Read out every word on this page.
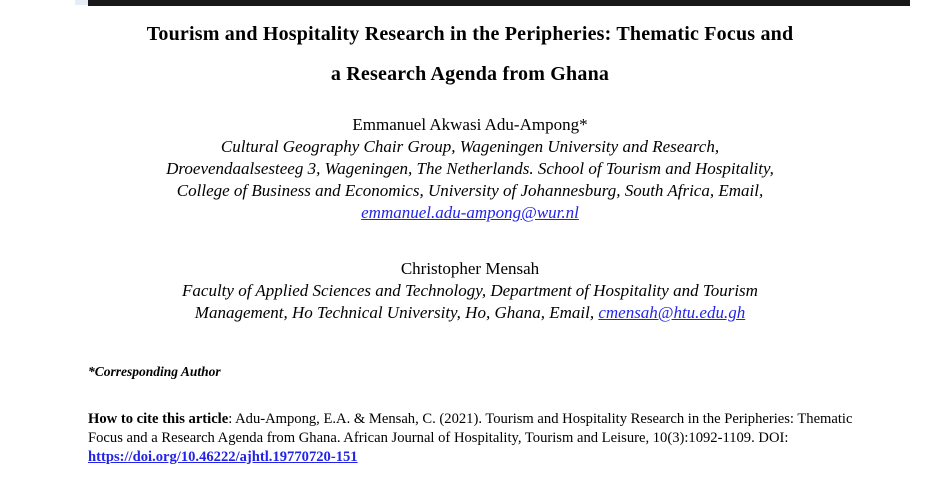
Tourism and Hospitality Research in the Peripheries: Thematic Focus and
a Research Agenda from Ghana
Emmanuel Akwasi Adu-Ampong*
Cultural Geography Chair Group, Wageningen University and Research,
Droevendaalsesteeg 3, Wageningen, The Netherlands. School of Tourism and Hospitality,
College of Business and Economics, University of Johannesburg, South Africa, Email,
emmanuel.adu-ampong@wur.nl
Christopher Mensah
Faculty of Applied Sciences and Technology, Department of Hospitality and Tourism
Management, Ho Technical University, Ho, Ghana, Email, cmensah@htu.edu.gh
*Corresponding Author
How to cite this article: Adu-Ampong, E.A. & Mensah, C. (2021). Tourism and Hospitality Research in the Peripheries: Thematic Focus and a Research Agenda from Ghana. African Journal of Hospitality, Tourism and Leisure, 10(3):1092-1109. DOI: https://doi.org/10.46222/ajhtl.19770720-151
